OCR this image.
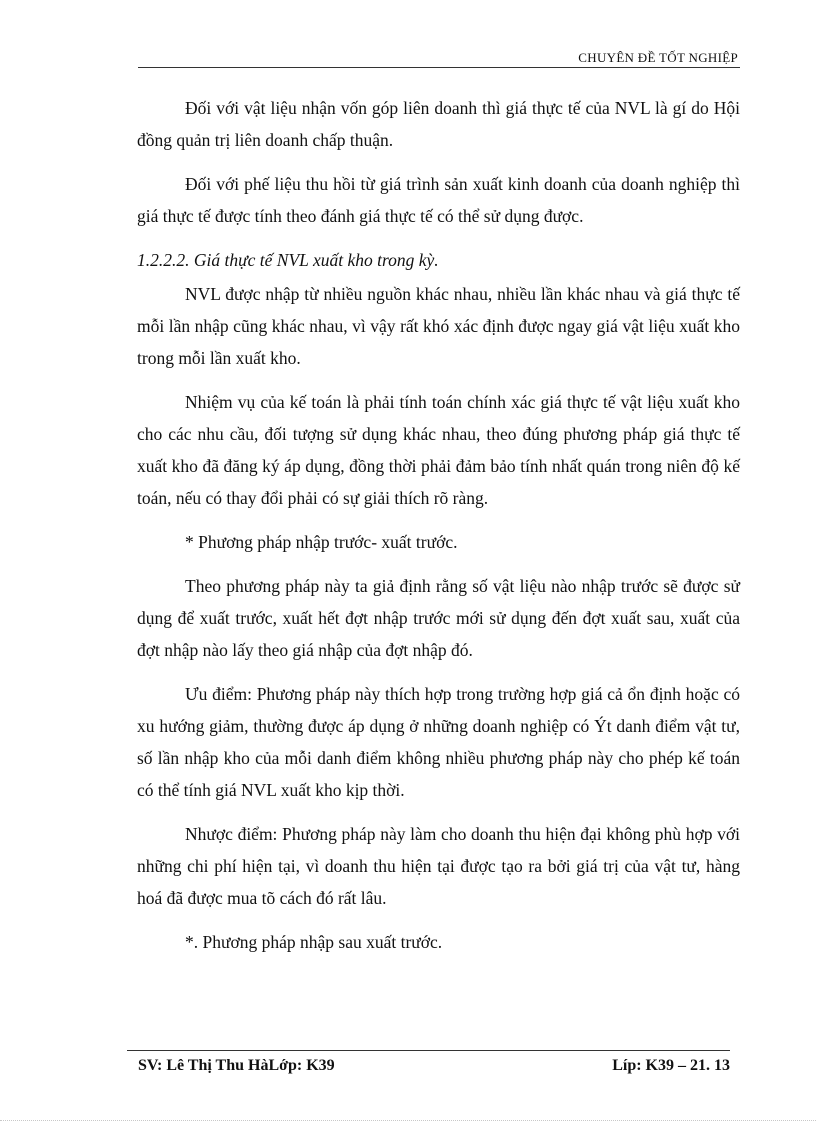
CHUYÊN ĐỀ TỐT NGHIỆP

Đối với vật liệu nhận vốn góp liên doanh thì giá thực tế của NVL là gí do Hội đồng quản trị liên doanh chấp thuận.

Đối với phế liệu thu hồi từ giá trình sản xuất kinh doanh của doanh nghiệp thì giá thực tế được tính theo đánh giá thực tế có thể sử dụng được.

1.2.2.2. Giá thực tế NVL xuất kho trong kỳ.

NVL được nhập từ nhiều nguồn khác nhau, nhiều lần khác nhau và giá thực tế mỗi lần nhập cũng khác nhau, vì vậy rất khó xác định được ngay giá vật liệu xuất kho trong mỗi lần xuất kho.

Nhiệm vụ của kế toán là phải tính toán chính xác giá thực tế vật liệu xuất kho cho các nhu cầu, đối tượng sử dụng khác nhau, theo đúng phương pháp giá thực tế xuất kho đã đăng ký áp dụng, đồng thời phải đảm bảo tính nhất quán trong niên độ kế toán, nếu có thay đổi phải có sự giải thích rõ ràng.

* Phương pháp nhập trước- xuất trước.

Theo phương pháp này ta giả định rằng số vật liệu nào nhập trước sẽ được sử dụng để xuất trước, xuất hết đợt nhập trước mới sử dụng đến đợt xuất sau, xuất của đợt nhập nào lấy theo giá nhập của đợt nhập đó.

Ưu điểm: Phương pháp này thích hợp trong trường hợp giá cả ổn định hoặc có xu hướng giảm, thường được áp dụng ở những doanh nghiệp có Ýt danh điểm vật tư, số lần nhập kho của mỗi danh điểm không nhiều phương pháp này cho phép kế toán có thể tính giá NVL xuất kho kịp thời.

Nhược điểm: Phương pháp này làm cho doanh thu hiện đại không phù hợp với những chi phí hiện tại, vì doanh thu hiện tại được tạo ra bởi giá trị của vật tư, hàng hoá đã được mua tõ cách đó rất lâu.

*. Phương pháp nhập sau xuất trước.

SV: Lê Thị Thu HàLớp: K39	Líp: K39 – 21. 13
